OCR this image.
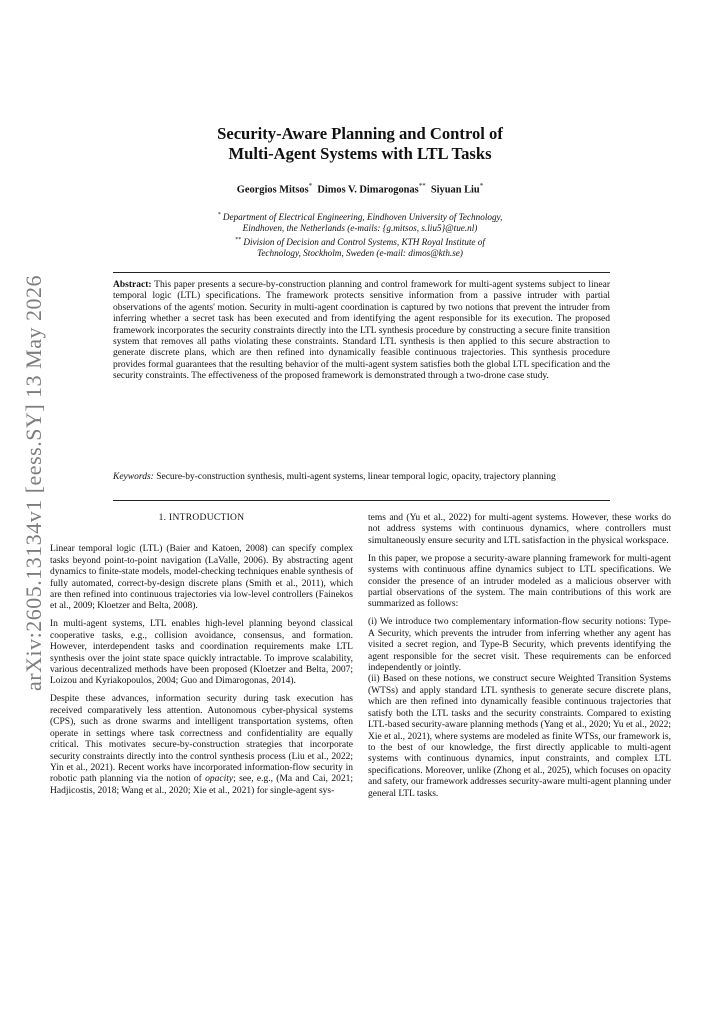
arXiv:2605.13134v1 [eess.SY] 13 May 2026
Security-Aware Planning and Control of
Multi-Agent Systems with LTL Tasks
Georgios Mitsos* Dimos V. Dimarogonas** Siyuan Liu*

* Department of Electrical Engineering, Eindhoven University of Technology,

Eindhoven, the Netherlands (e-mails: {g.mitsos, s.liu5}@tue.nl)

** Division of Decision and Control Systems, KTH Royal Institute of

Technology, Stockholm, Sweden (e-mail: dimos@kth.se)

Abstract: This paper presents a secure-by-construction planning and control framework for multi-agent systems subject to linear temporal logic (LTL) specifications. The framework protects sensitive information from a passive intruder with partial observations of the agents' motion. Security in multi-agent coordination is captured by two notions that prevent the intruder from inferring whether a secret task has been executed and from identifying the agent responsible for its execution. The proposed framework incorporates the security constraints directly into the LTL synthesis procedure by constructing a secure finite transition system that removes all paths violating these constraints. Standard LTL synthesis is then applied to this secure abstraction to generate discrete plans, which are then refined into dynamically feasible continuous trajectories. This synthesis procedure provides formal guarantees that the resulting behavior of the multi-agent system satisfies both the global LTL specification and the security constraints. The effectiveness of the proposed framework is demonstrated through a two-drone case study.

Keywords: Secure-by-construction synthesis, multi-agent systems, linear temporal logic, opacity, trajectory planning

1. INTRODUCTION

Linear temporal logic (LTL) (Baier and Katoen, 2008) can specify complex tasks beyond point-to-point navigation (LaValle, 2006). By abstracting agent dynamics to finite-state models, model-checking techniques enable synthesis of fully automated, correct-by-design discrete plans (Smith et al., 2011), which are then refined into continuous trajectories via low-level controllers (Fainekos et al., 2009; Kloetzer and Belta, 2008).

In multi-agent systems, LTL enables high-level planning beyond classical cooperative tasks, e.g., collision avoidance, consensus, and formation. However, interdependent tasks and coordination requirements make LTL synthesis over the joint state space quickly intractable. To improve scalability, various decentralized methods have been proposed (Kloetzer and Belta, 2007; Loizou and Kyriakopoulos, 2004; Guo and Dimarogonas, 2014).

Despite these advances, information security during task execution has received comparatively less attention. Autonomous cyber-physical systems (CPS), such as drone swarms and intelligent transportation systems, often operate in settings where task correctness and confidentiality are equally critical. This motivates secure-by-construction strategies that incorporate security constraints directly into the control synthesis process (Liu et al., 2022; Yin et al., 2021). Recent works have incorporated information-flow security in robotic path planning via the notion of opacity; see, e.g., (Ma and Cai, 2021; Hadjicostis, 2018; Wang et al., 2020; Xie et al., 2021) for single-agent sys-

tems and (Yu et al., 2022) for multi-agent systems. However, these works do not address systems with continuous dynamics, where controllers must simultaneously ensure security and LTL satisfaction in the physical workspace.

In this paper, we propose a security-aware planning framework for multi-agent systems with continuous affine dynamics subject to LTL specifications. We consider the presence of an intruder modeled as a malicious observer with partial observations of the system. The main contributions of this work are summarized as follows:

(i) We introduce two complementary information-flow security notions: Type-A Security, which prevents the intruder from inferring whether any agent has visited a secret region, and Type-B Security, which prevents identifying the agent responsible for the secret visit. These requirements can be enforced independently or jointly.

(ii) Based on these notions, we construct secure Weighted Transition Systems (WTSs) and apply standard LTL synthesis to generate secure discrete plans, which are then refined into dynamically feasible continuous trajectories that satisfy both the LTL tasks and the security constraints. Compared to existing LTL-based security-aware planning methods (Yang et al., 2020; Yu et al., 2022; Xie et al., 2021), where systems are modeled as finite WTSs, our framework is, to the best of our knowledge, the first directly applicable to multi-agent systems with continuous dynamics, input constraints, and complex LTL specifications. Moreover, unlike (Zhong et al., 2025), which focuses on opacity and safety, our framework addresses security-aware multi-agent planning under general LTL tasks.
